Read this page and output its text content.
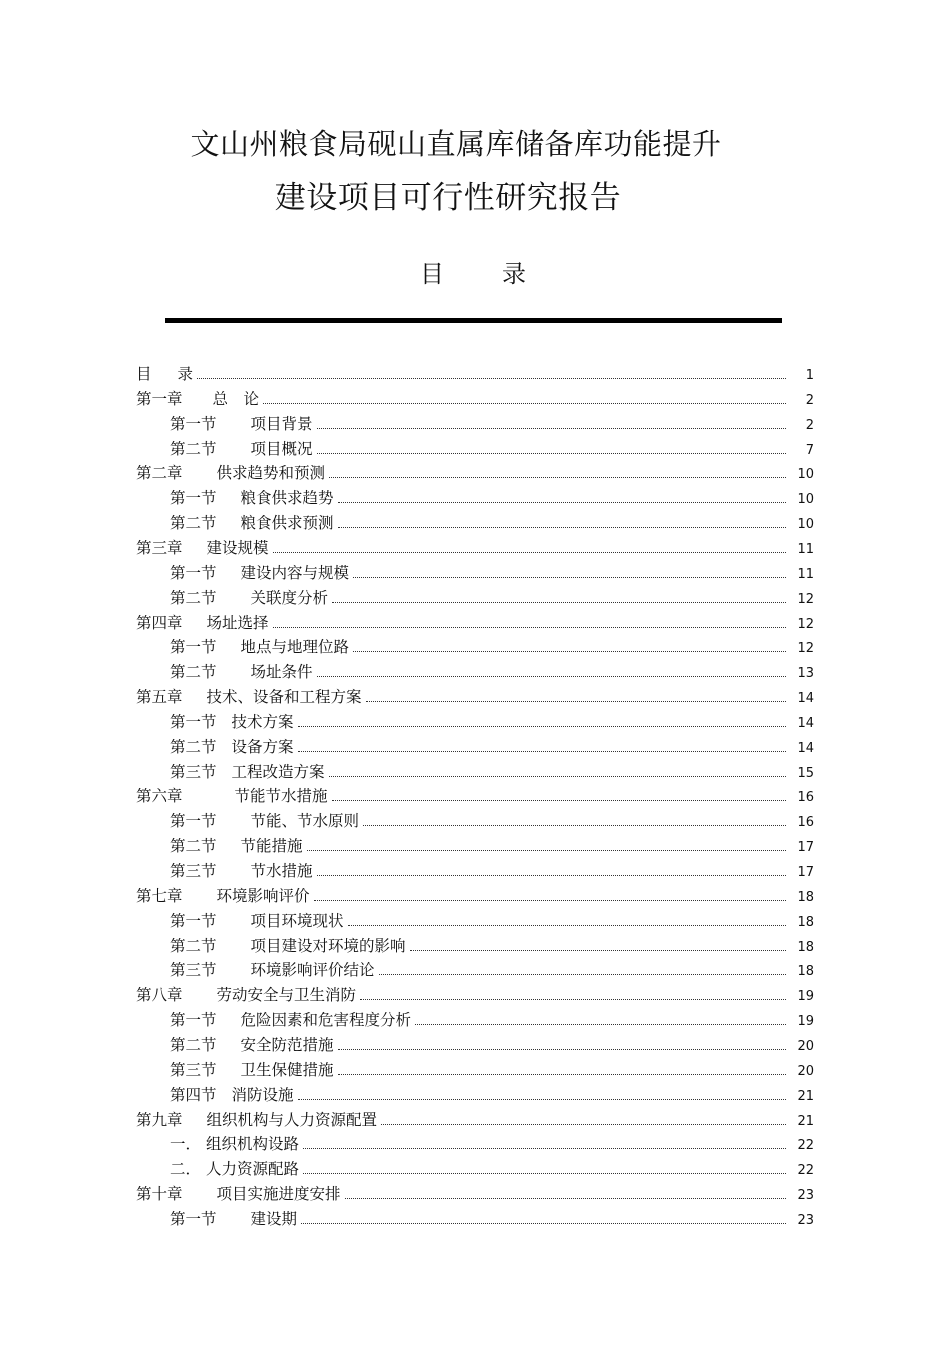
文山州粮食局砚山直属库储备库功能提升
建设项目可行性研究报告
目 录
目 录	1
第一章 总　论	2
第一节 项目背景	2
第二节 项目概况	7
第二章 供求趋势和预测	10
第一节 粮食供求趋势	10
第二节 粮食供求预测	10
第三章 建设规模	11
第一节 建设内容与规模	11
第二节 关联度分析	12
第四章 场址选择	12
第一节 地点与地理位路	12
第二节 场址条件	13
第五章 技术、设备和工程方案	14
第一节 技术方案	14
第二节 设备方案	14
第三节 工程改造方案	15
第六章	节能节水措施	16
第一节 节能、节水原则	16
第二节 节能措施	17
第三节 节水措施	17
第七章 环境影响评价	18
第一节 项目环境现状	18
第二节 项目建设对环境的影响	18
第三节 环境影响评价结论	18
第八章 劳动安全与卫生消防	19
第一节 危险因素和危害程度分析	19
第二节 安全防范措施	20
第三节 卫生保健措施	20
第四节 消防设施	21
第九章 组织机构与人力资源配置	21
一． 组织机构设路	22
二． 人力资源配路	22
第十章 项目实施进度安排	23
第一节 建设期	23
